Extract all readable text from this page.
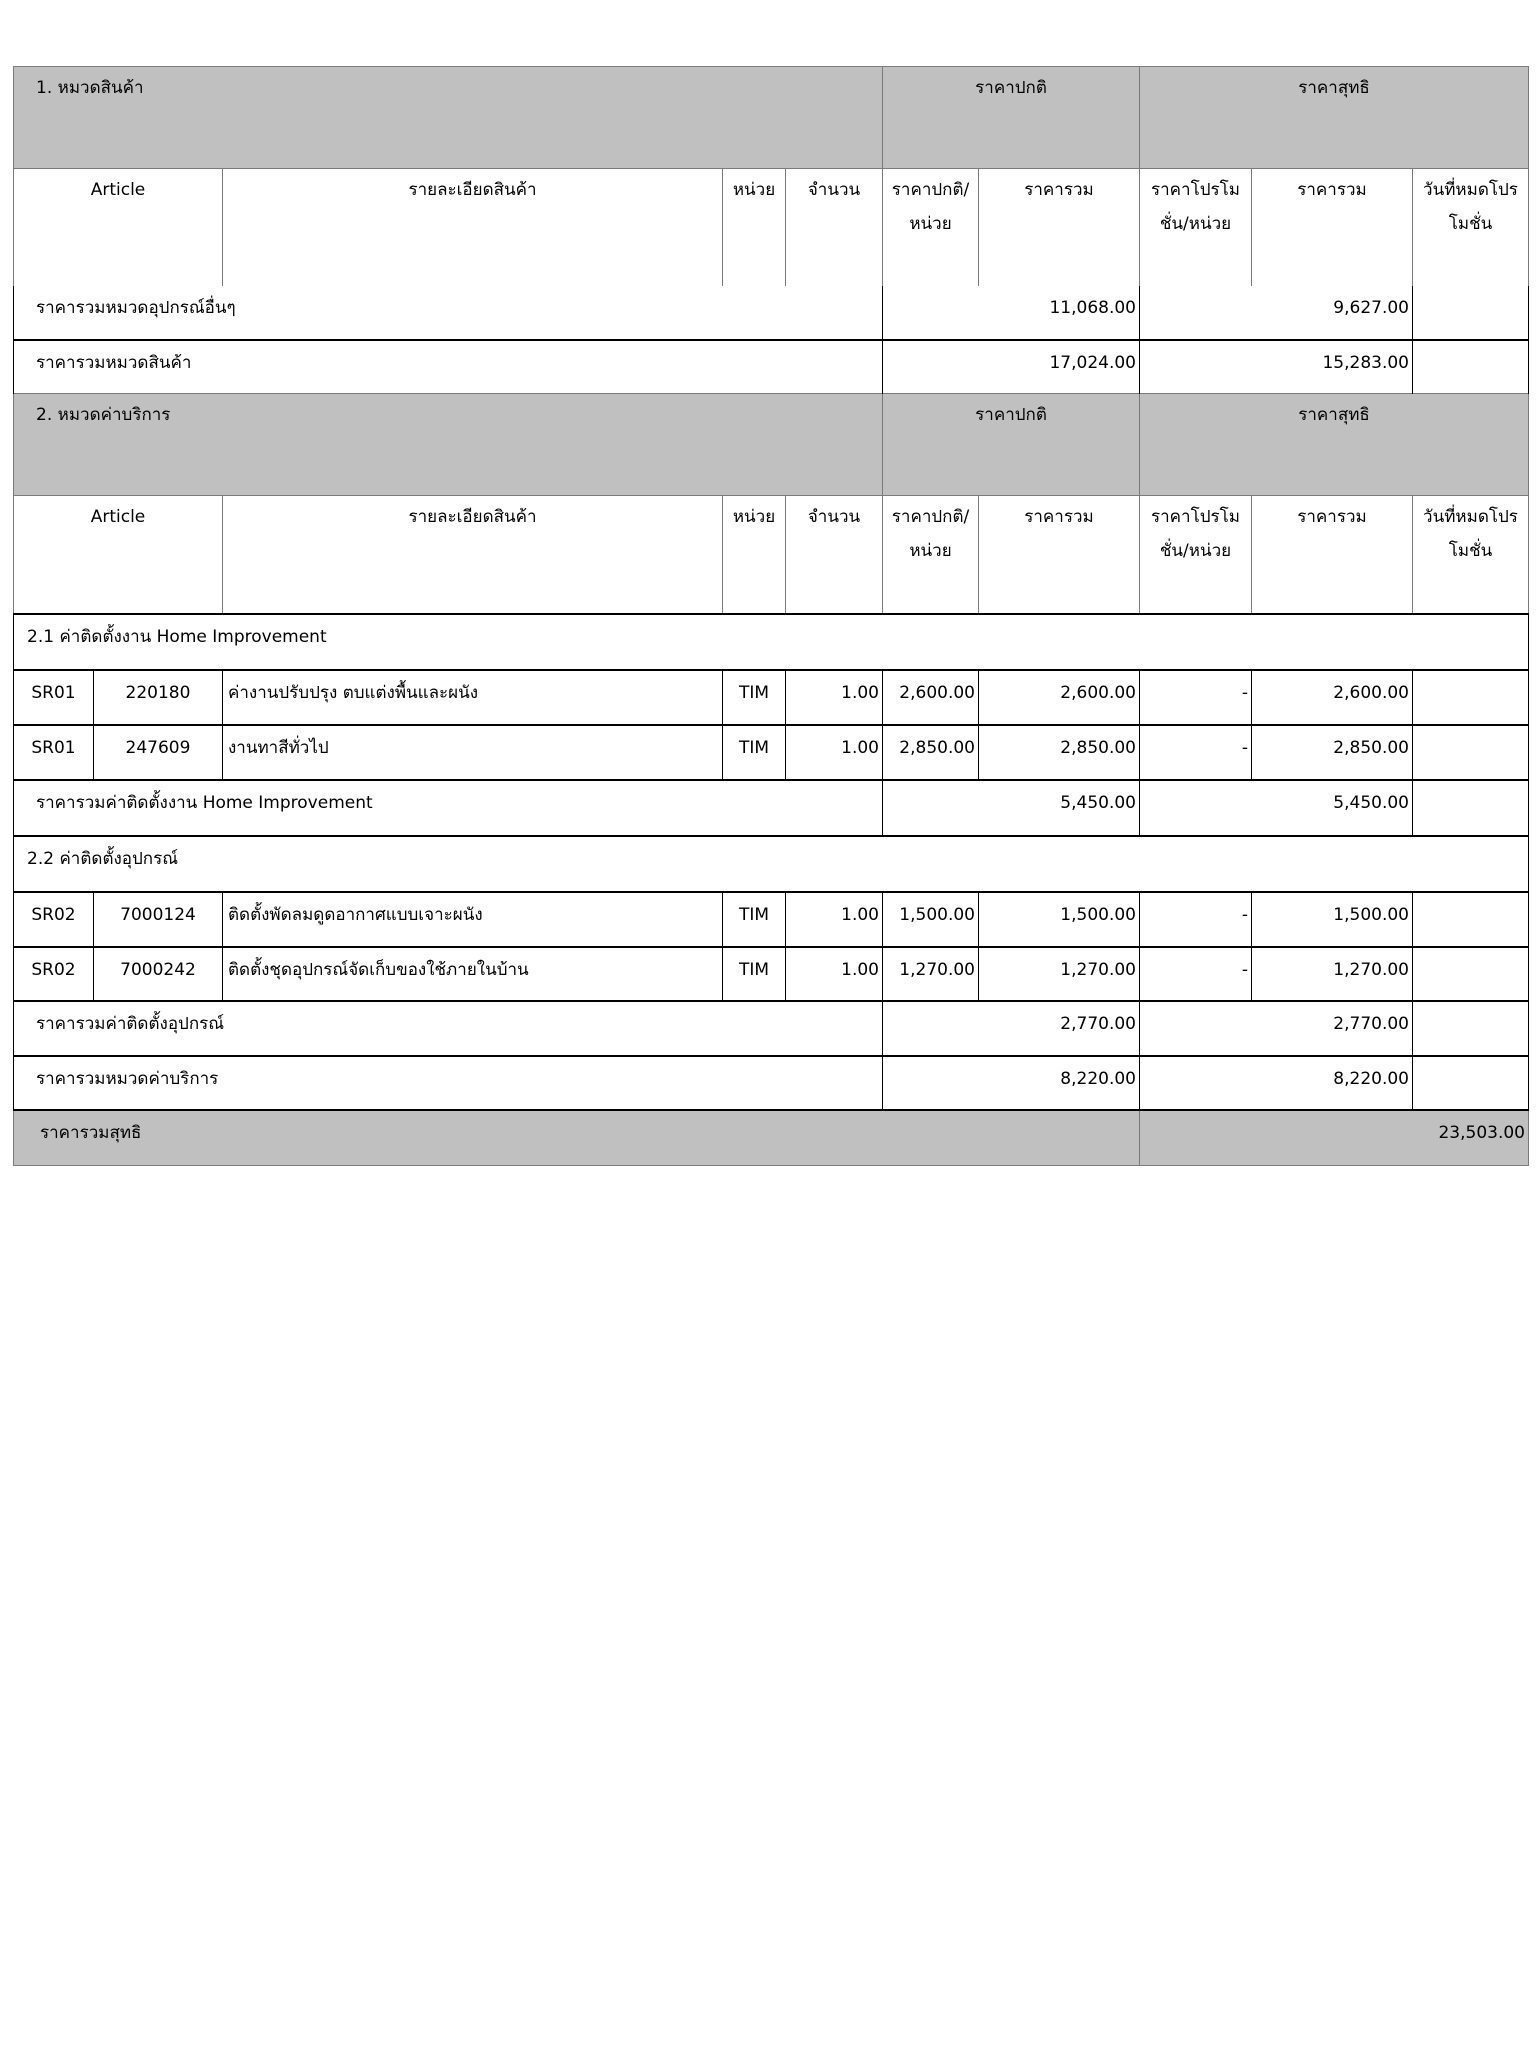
1. หมวดสินค้า					ราคาปกติ		ราคาสุทธิ		
Article		รายละเอียดสินค้า	หน่วย	จำนวน	ราคาปกติ/หน่วย	ราคารวม	ราคาโปรโมชั่น/หน่วย	ราคารวม	วันที่หมดโปรโมชั่น
ราคารวมหมวดอุปกรณ์อื่นๆ					11,068.00		9,627.00		
ราคารวมหมวดสินค้า					17,024.00		15,283.00		
2. หมวดค่าบริการ					ราคาปกติ		ราคาสุทธิ		
Article		รายละเอียดสินค้า	หน่วย	จำนวน	ราคาปกติ/หน่วย	ราคารวม	ราคาโปรโมชั่น/หน่วย	ราคารวม	วันที่หมดโปรโมชั่น
2.1 ค่าติดตั้งงาน Home Improvement									
SR01	220180	ค่างานปรับปรุง ตบแต่งพื้นและผนัง	TIM	1.00	2,600.00	2,600.00	-	2,600.00	
SR01	247609	งานทาสีทั่วไป	TIM	1.00	2,850.00	2,850.00	-	2,850.00	
ราคารวมค่าติดตั้งงาน Home Improvement					5,450.00		5,450.00		
2.2 ค่าติดตั้งอุปกรณ์									
SR02	7000124	ติดตั้งพัดลมดูดอากาศแบบเจาะผนัง	TIM	1.00	1,500.00	1,500.00	-	1,500.00	
SR02	7000242	ติดตั้งชุดอุปกรณ์จัดเก็บของใช้ภายในบ้าน	TIM	1.00	1,270.00	1,270.00	-	1,270.00	
ราคารวมค่าติดตั้งอุปกรณ์					2,770.00		2,770.00		
ราคารวมหมวดค่าบริการ					8,220.00		8,220.00		
ราคารวมสุทธิ							23,503.00		
